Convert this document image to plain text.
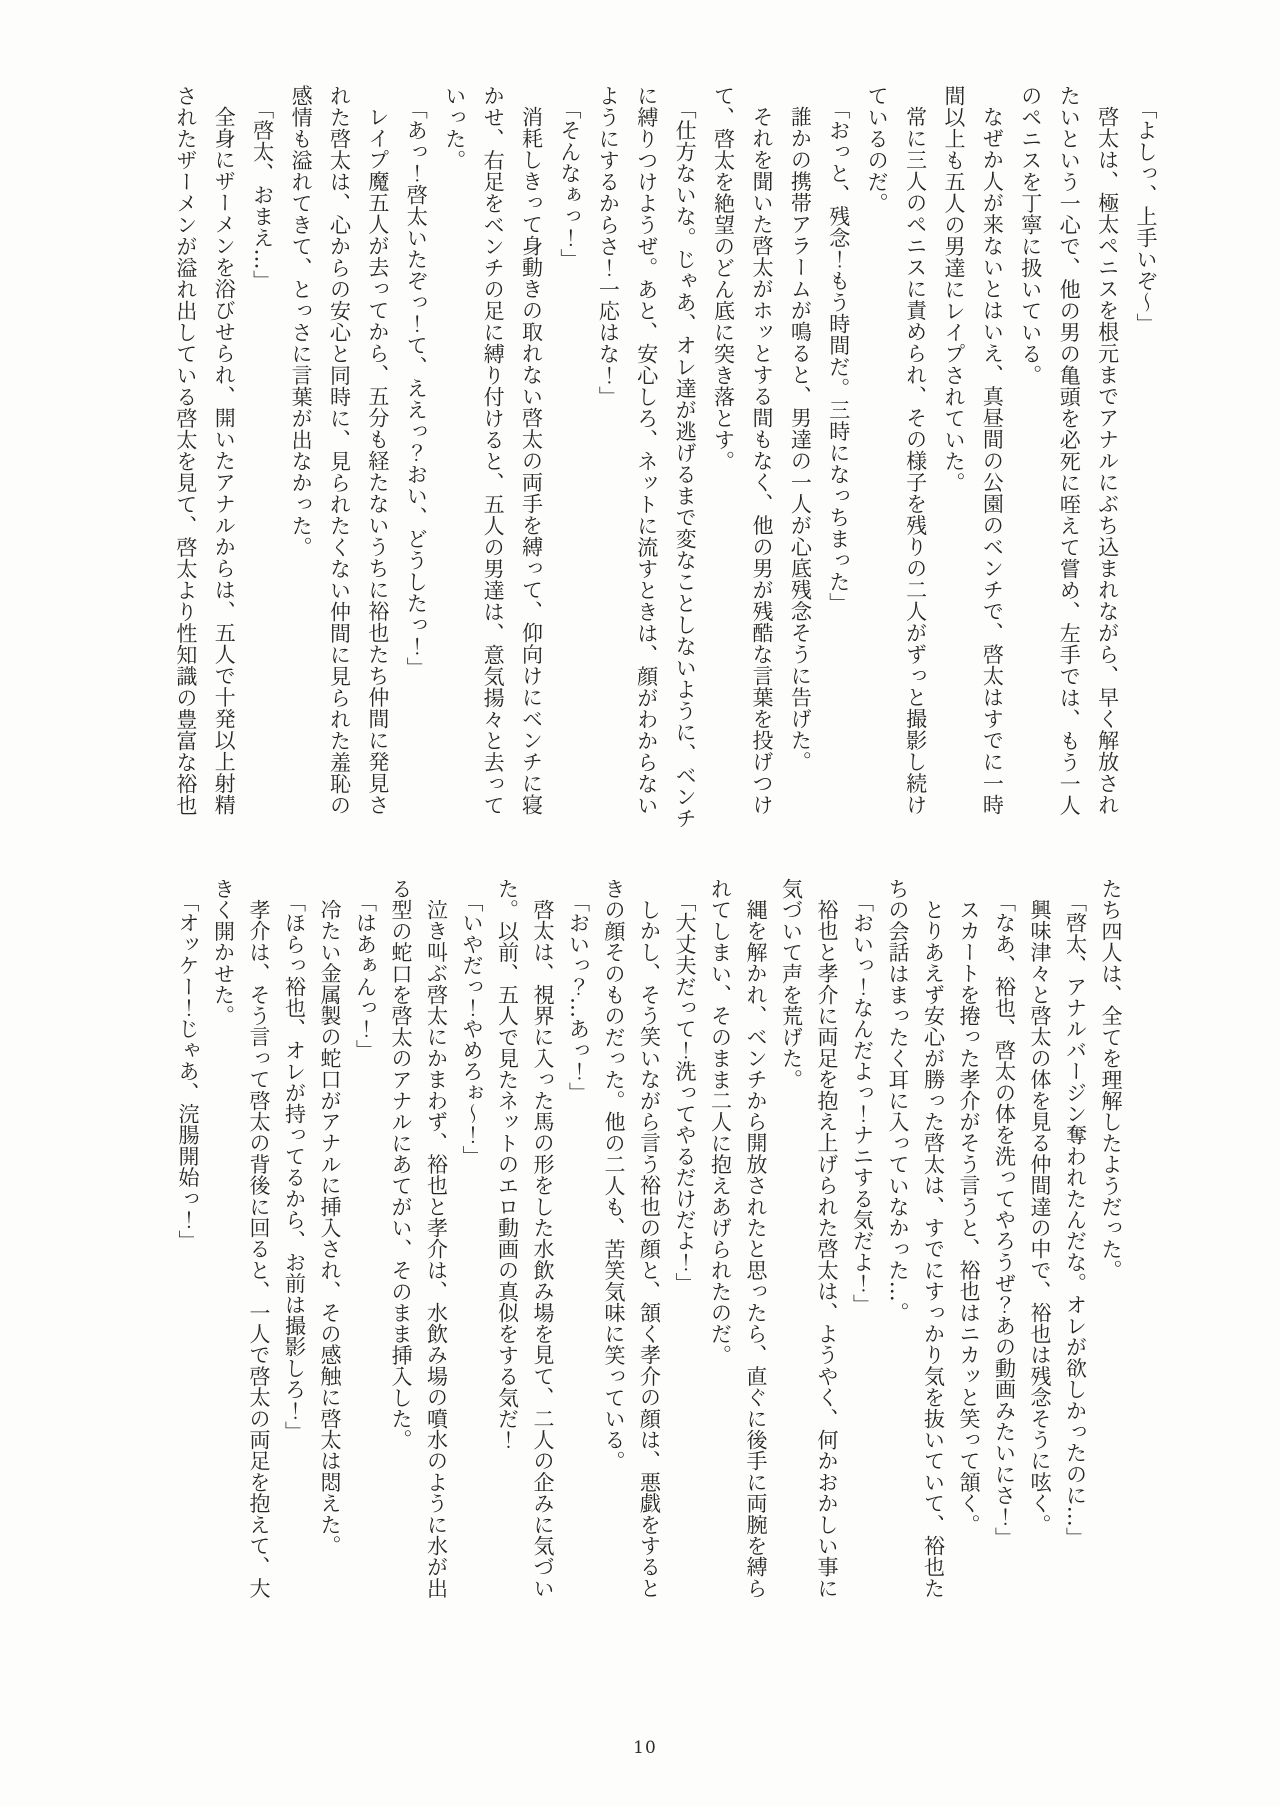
「よしっ、上手いぞ〜」

啓太は、極太ペニスを根元までアナルにぶち込まれながら、早く解放され

たいという一心で、他の男の亀頭を必死に咥えて嘗め、左手では、もう一人

のペニスを丁寧に扱いている。

なぜか人が来ないとはいえ、真昼間の公園のベンチで、啓太はすでに一時

間以上も五人の男達にレイプされていた。

常に三人のペニスに責められ、その様子を残りの二人がずっと撮影し続け

ているのだ。

「おっと、残念！もう時間だ。三時になっちまった」

誰かの携帯アラームが鳴ると、男達の一人が心底残念そうに告げた。

それを聞いた啓太がホッとする間もなく、他の男が残酷な言葉を投げつけ

て、啓太を絶望のどん底に突き落とす。

「仕方ないな。じゃあ、オレ達が逃げるまで変なことしないように、ベンチ

に縛りつけようぜ。あと、安心しろ、ネットに流すときは、顔がわからない

ようにするからさ！一応はな！」

「そんなぁっ！」

消耗しきって身動きの取れない啓太の両手を縛って、仰向けにベンチに寝

かせ、右足をベンチの足に縛り付けると、五人の男達は、意気揚々と去って

いった。

「あっ！啓太いたぞっ！て、ええっ？おい、どうしたっ！」

レイプ魔五人が去ってから、五分も経たないうちに裕也たち仲間に発見さ

れた啓太は、心からの安心と同時に、見られたくない仲間に見られた羞恥の

感情も溢れてきて、とっさに言葉が出なかった。

「啓太、おまえ…」

全身にザーメンを浴びせられ、開いたアナルからは、五人で十発以上射精

されたザーメンが溢れ出している啓太を見て、啓太より性知識の豊富な裕也

たち四人は、全てを理解したようだった。

「啓太、アナルバージン奪われたんだな。オレが欲しかったのに…」

興味津々と啓太の体を見る仲間達の中で、裕也は残念そうに呟く。

「なあ、裕也、啓太の体を洗ってやろうぜ？あの動画みたいにさ！」

スカートを捲った孝介がそう言うと、裕也はニカッと笑って頷く。

とりあえず安心が勝った啓太は、すでにすっかり気を抜いていて、裕也た

ちの会話はまったく耳に入っていなかった…。

「おいっ！なんだよっ！ナニする気だよ！」

裕也と孝介に両足を抱え上げられた啓太は、ようやく、何かおかしい事に

気づいて声を荒げた。

縄を解かれ、ベンチから開放されたと思ったら、直ぐに後手に両腕を縛ら

れてしまい、そのまま二人に抱えあげられたのだ。

「大丈夫だって！洗ってやるだけだよ！」

しかし、そう笑いながら言う裕也の顔と、頷く孝介の顔は、悪戯をすると

きの顔そのものだった。他の二人も、苦笑気味に笑っている。

「おいっ？…あっ！」

啓太は、視界に入った馬の形をした水飲み場を見て、二人の企みに気づい

た。以前、五人で見たネットのエロ動画の真似をする気だ！

「いやだっ！やめろぉ〜！」

泣き叫ぶ啓太にかまわず、裕也と孝介は、水飲み場の噴水のように水が出

る型の蛇口を啓太のアナルにあてがい、そのまま挿入した。

「はあぁんっ！」

冷たい金属製の蛇口がアナルに挿入され、その感触に啓太は悶えた。

「ほらっ裕也、オレが持ってるから、お前は撮影しろ！」

孝介は、そう言って啓太の背後に回ると、一人で啓太の両足を抱えて、大

きく開かせた。

「オッケー！じゃあ、浣腸開始っ！」

10
